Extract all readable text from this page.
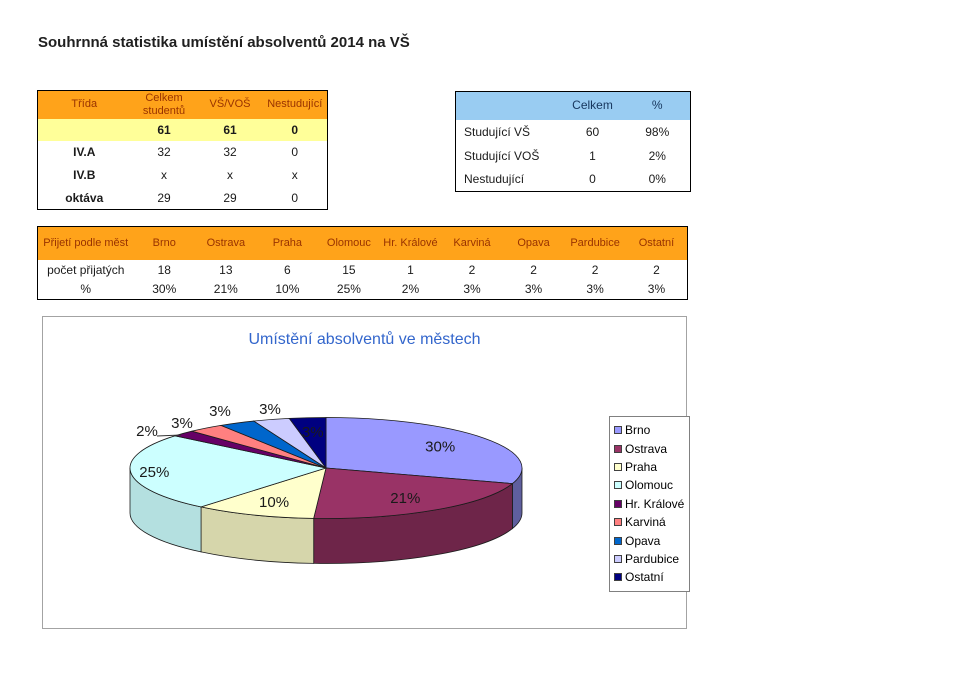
Souhrnná statistika umístění absolventů 2014 na VŠ
Třída	Celkem studentů	VŠ/VOŠ	Nestudující
	61	61	0
IV.A	32	32	0
IV.B	x	x	x
oktáva	29	29	0
	Celkem	%
Studující VŠ	60	98%
Studující VOŠ	1	2%
Nestudující	0	0%
Přijetí podle měst	Brno	Ostrava	Praha	Olomouc	Hr. Králové	Karviná	Opava	Pardubice	Ostatní
počet přijatých	18	13	6	15	1	2	2	2	2
%	30%	21%	10%	25%	2%	3%	3%	3%	3%
Umístění absolventů ve městech
30%
21%
10%
25%
2% 3%
3% 3%
3%	Brno
Ostrava
Praha
Olomouc
Hr. Králové
Karviná
Opava
Pardubice
Ostatní
